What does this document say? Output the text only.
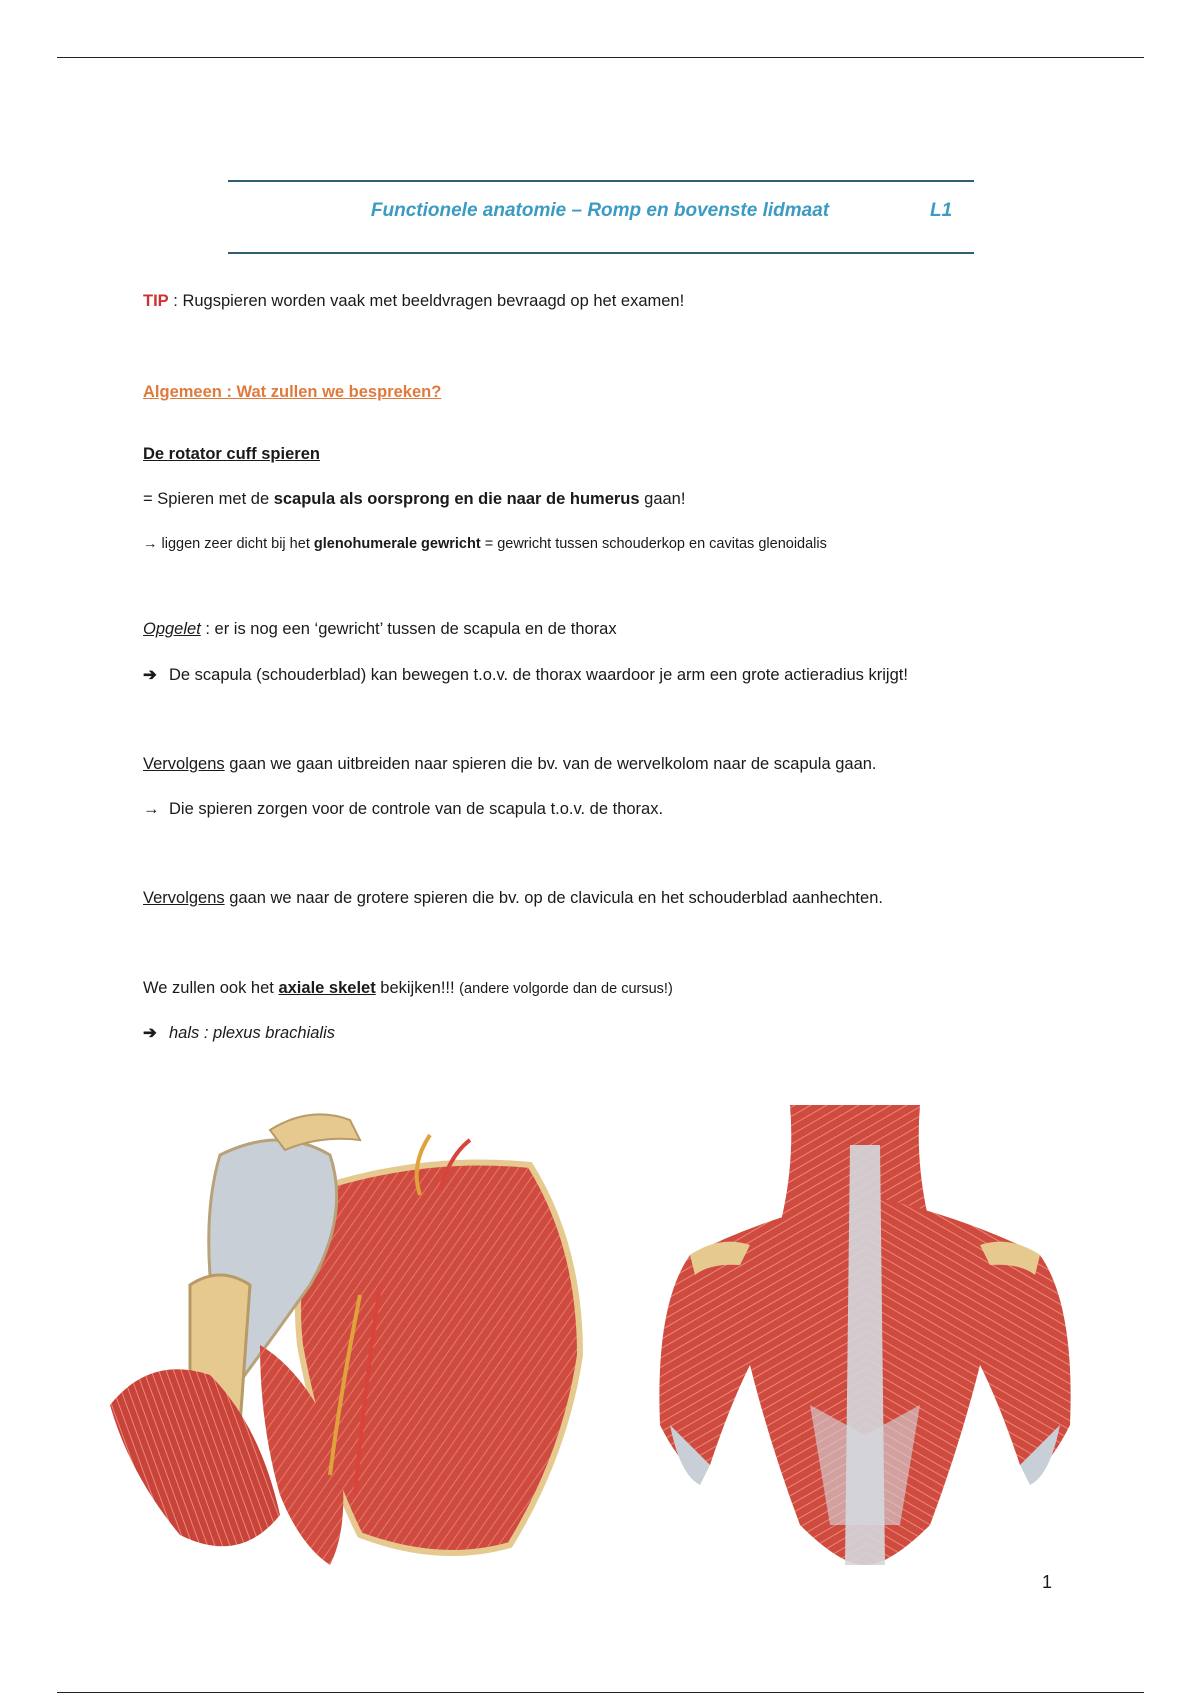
Functionele anatomie – Romp en bovenste lidmaat	L1
TIP : Rugspieren worden vaak met beeldvragen bevraagd op het examen!
Algemeen : Wat zullen we bespreken?
De rotator cuff spieren
= Spieren met de scapula als oorsprong en die naar de humerus gaan!
→ liggen zeer dicht bij het glenohumerale gewricht = gewricht tussen schouderkop en cavitas glenoidalis
Opgelet : er is nog een ‘gewricht’ tussen de scapula en de thorax
➔ De scapula (schouderblad) kan bewegen t.o.v. de thorax waardoor je arm een grote actieradius krijgt!
Vervolgens gaan we gaan uitbreiden naar spieren die bv. van de wervelkolom naar de scapula gaan.
→ Die spieren zorgen voor de controle van de scapula t.o.v. de thorax.
Vervolgens gaan we naar de grotere spieren die bv. op de clavicula en het schouderblad aanhechten.
We zullen ook het axiale skelet bekijken!!! (andere volgorde dan de cursus!)
➔ hals : plexus brachialis
1
